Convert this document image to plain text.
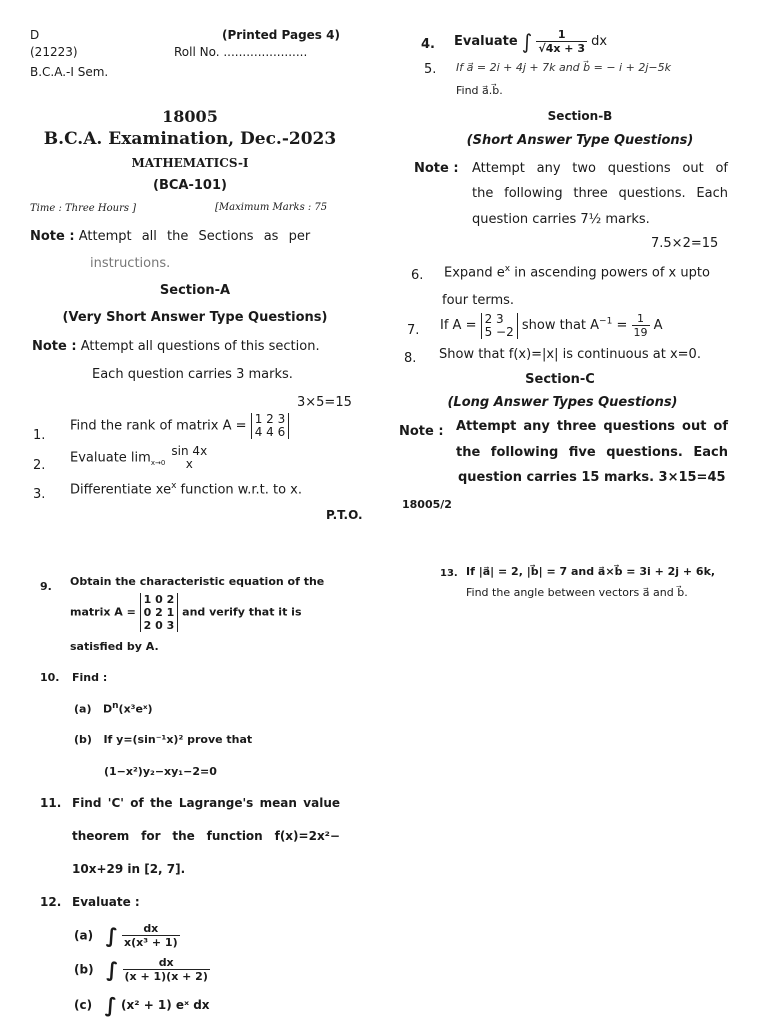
D	(Printed Pages 4)
(21223)	Roll No. ......................
B.C.A.-I Sem.
18005
B.C.A. Examination, Dec.-2023
MATHEMATICS-I
(BCA-101)
Time : Three Hours ]	[Maximum Marks : 75
Note : Attempt all the Sections as per
instructions.
Section-A
(Very Short Answer Type Questions)
Note : Attempt all questions of this section.
Each question carries 3 marks.
3×5=15
1.
Find the rank of matrix A = 1 2 3
4 4 6
2. Evaluate $\lim_{x\to 0}$
sin 4x
x
3. Differentiate $xe^x$ function w.r.t. to x.
P.T.O.
4. Evaluate ∫ $\frac{1}{√4x + 3}$ dx
5. If a⃗ = 2i + 4j + 7k and b⃗ = − i + 2j−5k
Find a⃗.b⃗.
Section-B
(Short Answer Type Questions)
Note : Attempt any two questions out of
the following three questions. Each
question carries 7½ marks.
7.5×2=15
6. Expand $e^x$ in ascending powers of x upto
four terms.
7. If A = 2 3
5 −2 show that $A^{-1} = \frac{1}{19}$ A
8. Show that f(x)=|x| is continuous at x=0.
Section-C
(Long Answer Types Questions)
Note : Attempt any three questions out of
the following five questions. Each
question carries 15 marks. 3×15=45
18005/2
9. Obtain the characteristic equation of the
matrix A =
1 0 2
0 2 1
2 0 3
and verify that it is
satisfied by A.
10. Find :
(a) $D^n(x^3eˣ)$
(b) If y=(sin⁻¹x)² prove that
(1−x²)y₂−xy₁−2=0
11. Find 'C' of the Lagrange's mean value
theorem for the function f(x)=2x²−
10x+29 in [2, 7].
12. Evaluate :
(a) ∫ $\frac{dx}{\text{x(x³ + 1)}}$
(b) ∫ $\frac{dx}{(x + 1)(x + 2)}$
(c) ∫ (x² + 1) eˣ dx
13. If |a⃗| = 2, |b⃗| = 7 and a⃗×b⃗ = 3i + 2j + 6k,
Find the angle between vectors a⃗ and b⃗.
